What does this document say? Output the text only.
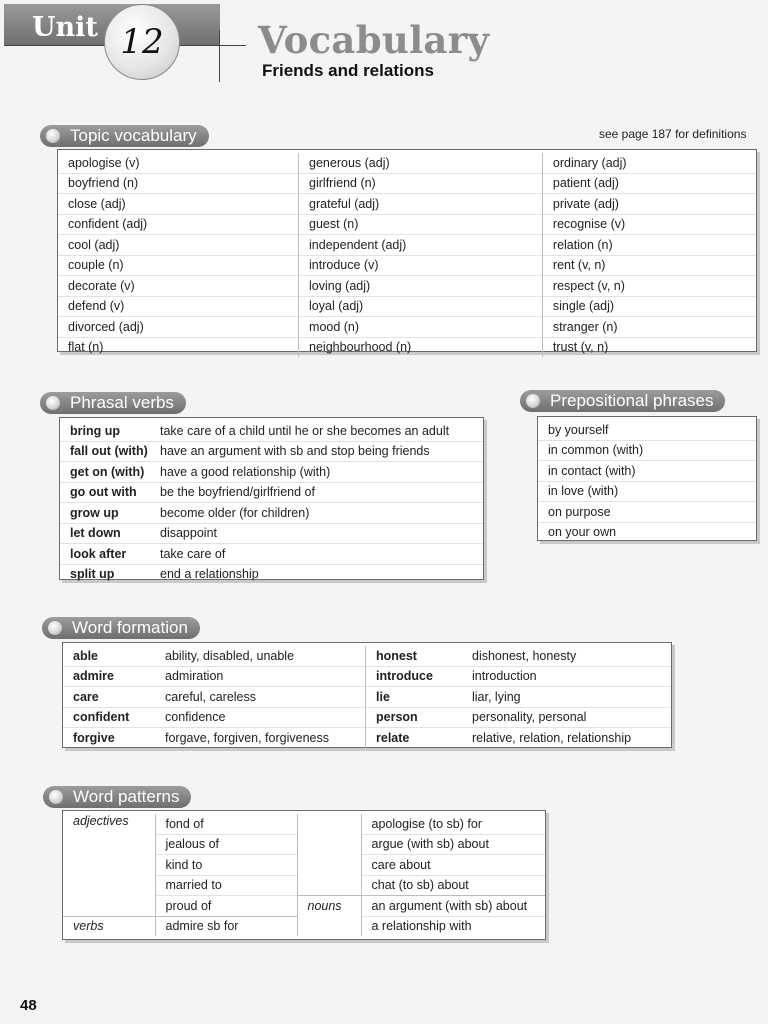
Unit 12	Vocabulary
Friends and relations
Topic vocabulary	see page 187 for definitions
apologise (v)	generous (adj)	ordinary (adj)
boyfriend (n)	girlfriend (n)	patient (adj)
close (adj)	grateful (adj)	private (adj)
confident (adj)	guest (n)	recognise (v)
cool (adj)	independent (adj)	relation (n)
couple (n)	introduce (v)	rent (v, n)
decorate (v)	loving (adj)	respect (v, n)
defend (v)	loyal (adj)	single (adj)
divorced (adj)	mood (n)	stranger (n)
flat (n)	neighbourhood (n)	trust (v, n)
Phrasal verbs
bring up	take care of a child until he or she becomes an adult
fall out (with)	have an argument with sb and stop being friends
get on (with)	have a good relationship (with)
go out with	be the boyfriend/girlfriend of
grow up	become older (for children)
let down	disappoint
look after	take care of
split up	end a relationship
Prepositional phrases
by yourself
in common (with)
in contact (with)
in love (with)
on purpose
on your own
Word formation
able	ability, disabled, unable	honest	dishonest, honesty
admire	admiration	introduce	introduction
care	careful, careless	lie	liar, lying
confident	confidence	person	personality, personal
forgive	forgave, forgiven, forgiveness	relate	relative, relation, relationship
Word patterns
adjectives	fond of		apologise (to sb) for
	jealous of		argue (with sb) about
	kind to		care about
	married to		chat (to sb) about
	proud of	nouns	an argument (with sb) about
verbs	admire sb for		a relationship with
48
